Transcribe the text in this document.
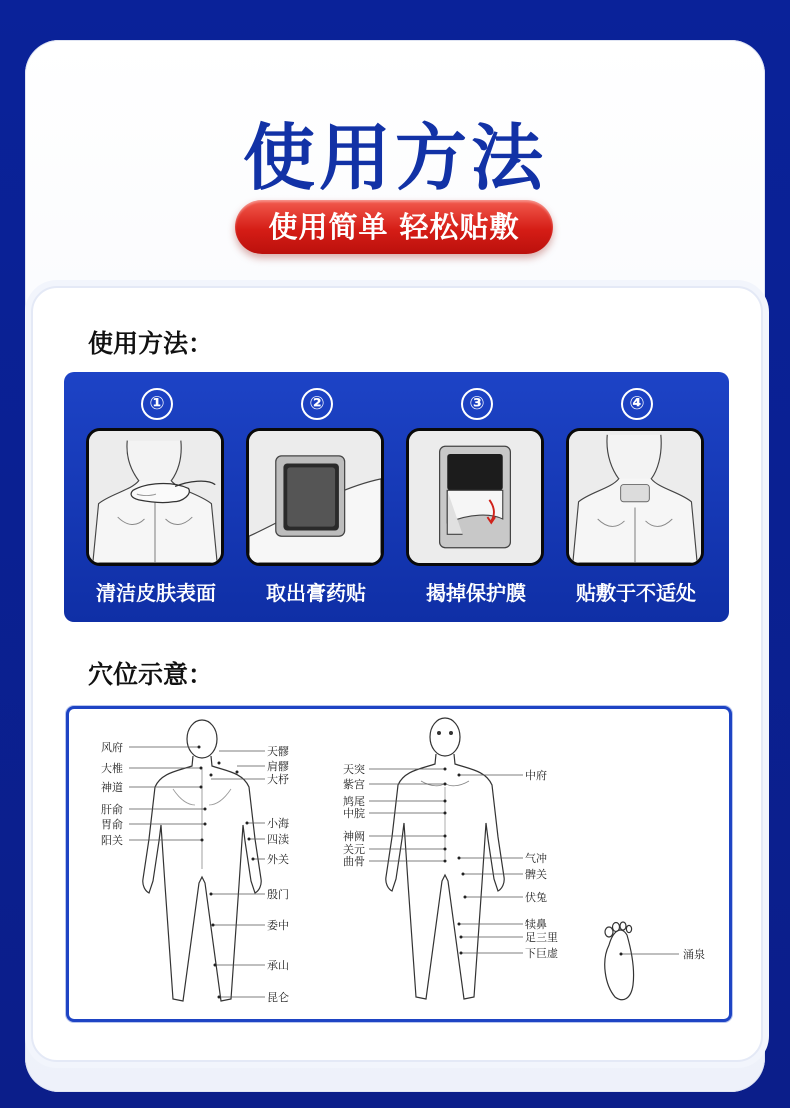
使用方法
使用简单 轻松贴敷
使用方法：
①
清洁皮肤表面
②
取出膏药贴
③
揭掉保护膜
④
贴敷于不适处
穴位示意：
风府
大椎
神道
肝俞
胃俞
阳关
天髎
肩髎
大杼
小海
四渎
外关
殷门
委中
承山
昆仑
天突
紫宫
鸠尾
中脘
神阙
关元
曲骨
中府
气冲
髀关
伏兔
犊鼻
足三里
下巨虚	涌泉
